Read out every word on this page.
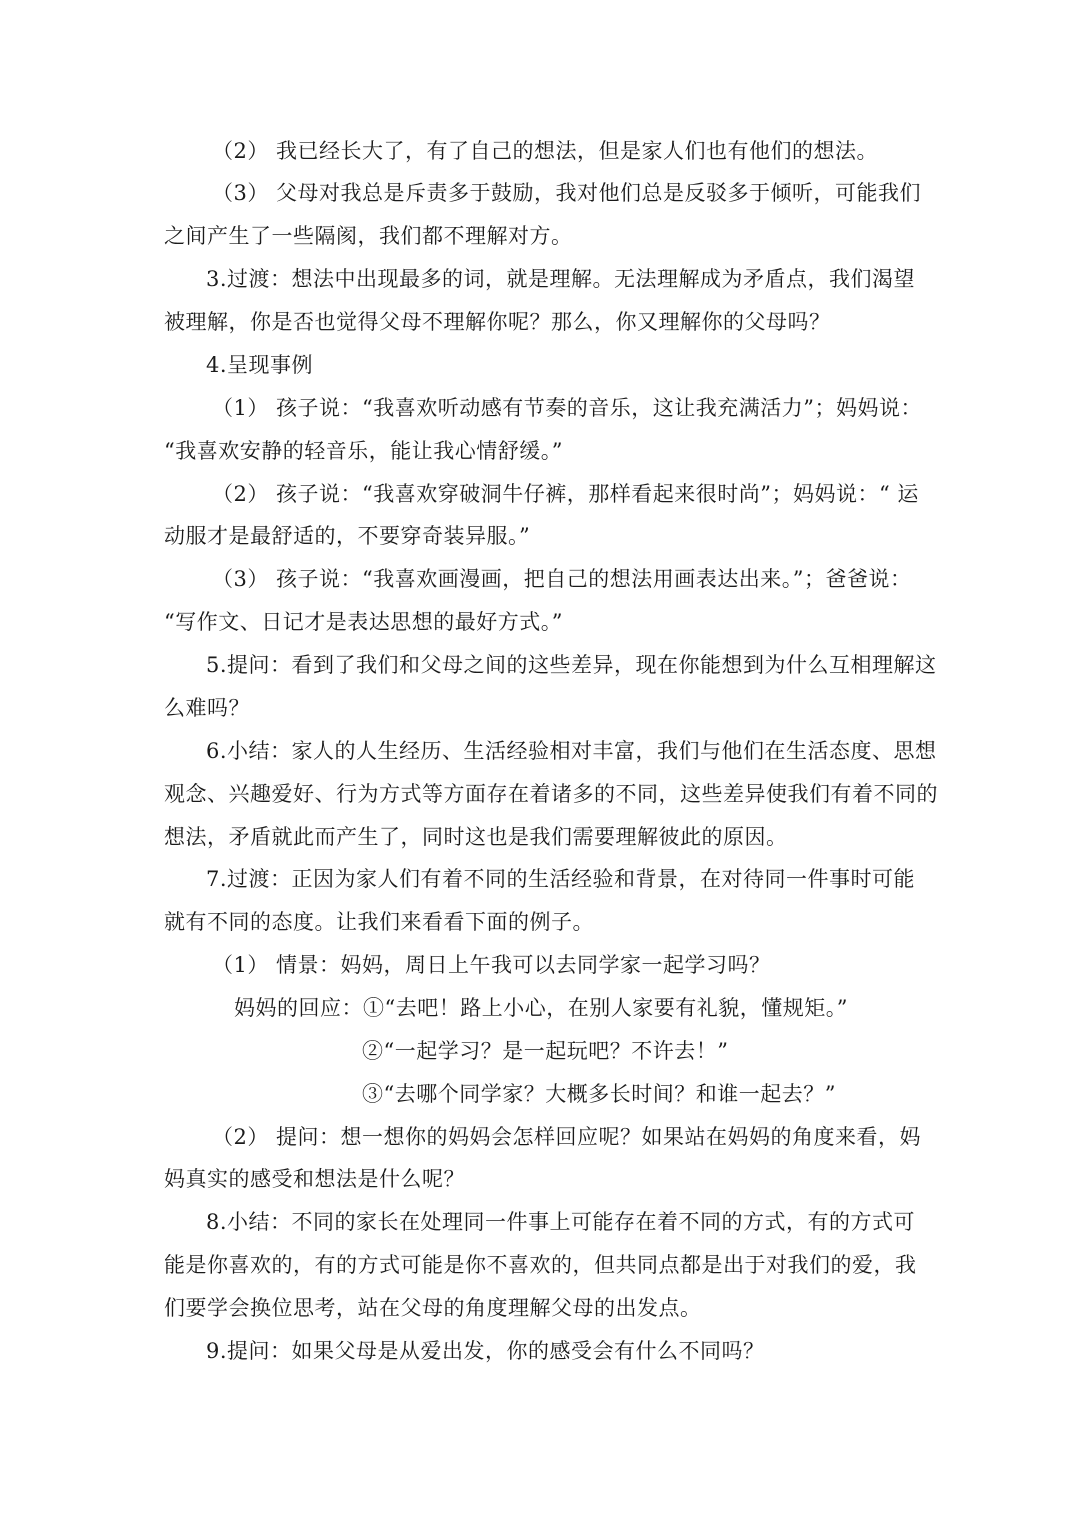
（2） 我已经长大了，有了自己的想法，但是家人们也有他们的想法。
（3） 父母对我总是斥责多于鼓励，我对他们总是反驳多于倾听，可能我们
之间产生了一些隔阂，我们都不理解对方。
3.过渡：想法中出现最多的词，就是理解。无法理解成为矛盾点，我们渴望
被理解，你是否也觉得父母不理解你呢？那么，你又理解你的父母吗？
4.呈现事例
（1） 孩子说：“我喜欢听动感有节奏的音乐，这让我充满活力”；妈妈说：
“我喜欢安静的轻音乐，能让我心情舒缓。”
（2） 孩子说：“我喜欢穿破洞牛仔裤，那样看起来很时尚”；妈妈说：“ 运
动服才是最舒适的，不要穿奇装异服。”
（3） 孩子说：“我喜欢画漫画，把自己的想法用画表达出来。”；爸爸说：
“写作文、日记才是表达思想的最好方式。”
5.提问：看到了我们和父母之间的这些差异，现在你能想到为什么互相理解这
么难吗？
6.小结：家人的人生经历、生活经验相对丰富，我们与他们在生活态度、思想
观念、兴趣爱好、行为方式等方面存在着诸多的不同，这些差异使我们有着不同的
想法，矛盾就此而产生了，同时这也是我们需要理解彼此的原因。
7.过渡：正因为家人们有着不同的生活经验和背景，在对待同一件事时可能
就有不同的态度。让我们来看看下面的例子。
（1） 情景：妈妈，周日上午我可以去同学家一起学习吗？
妈妈的回应：①“去吧！路上小心，在别人家要有礼貌，懂规矩。”
②“一起学习？是一起玩吧？不许去！”
③“去哪个同学家？大概多长时间？和谁一起去？”
（2） 提问：想一想你的妈妈会怎样回应呢？如果站在妈妈的角度来看，妈
妈真实的感受和想法是什么呢？
8.小结：不同的家长在处理同一件事上可能存在着不同的方式，有的方式可
能是你喜欢的，有的方式可能是你不喜欢的，但共同点都是出于对我们的爱，我
们要学会换位思考，站在父母的角度理解父母的出发点。
9.提问：如果父母是从爱出发，你的感受会有什么不同吗？
